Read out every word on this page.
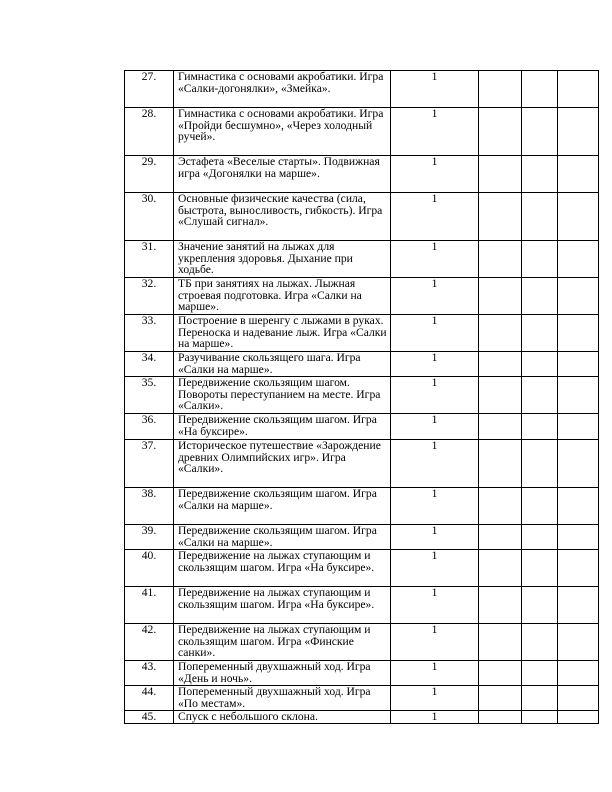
27.	Гимнастика с основами акробатики. Игра «Салки-догонялки», «Змейка».	1			
28.	Гимнастика с основами акробатики. Игра «Пройди бесшумно», «Через холодный ручей».	1			
29.	Эстафета «Веселые старты». Подвижная игра «Догонялки на марше».	1			
30.	Основные физические качества (сила, быстрота, выносливость, гибкость). Игра «Слушай сигнал».	1			
31.	Значение занятий на лыжах для укрепления здоровья. Дыхание при ходьбе.	1			
32.	ТБ при занятиях на лыжах. Лыжная строевая подготовка. Игра «Салки на марше».	1			
33.	Построение в шеренгу с лыжами в руках. Переноска и надевание лыж. Игра «Салки на марше».	1			
34.	Разучивание скользящего шага. Игра «Салки на марше».	1			
35.	Передвижение скользящим шагом. Повороты переступанием на месте. Игра «Салки».	1			
36.	Передвижение скользящим шагом. Игра «На буксире».	1			
37.	Историческое путешествие «Зарождение древних Олимпийских игр». Игра «Салки».	1			
38.	Передвижение скользящим шагом. Игра «Салки на марше».	1			
39.	Передвижение скользящим шагом. Игра «Салки на марше».	1			
40.	Передвижение на лыжах ступающим и скользящим шагом. Игра «На буксире».	1			
41.	Передвижение на лыжах ступающим и скользящим шагом. Игра «На буксире».	1			
42.	Передвижение на лыжах ступающим и скользящим шагом. Игра «Финские санки».	1			
43.	Попеременный двухшажный ход. Игра «День и ночь».	1			
44.	Попеременный двухшажный ход. Игра «По местам».	1			
45.	Спуск с небольшого склона.	1			
